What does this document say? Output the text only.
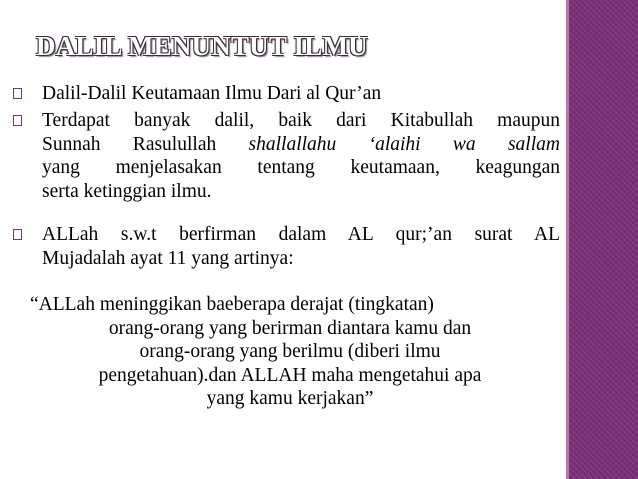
DALIL MENUNTUT ILMU
Dalil-Dalil Keutamaan Ilmu Dari al Qur’an
Terdapat banyak dalil, baik dari Kitabullah maupun
Sunnah Rasulullah shallallahu ‘alaihi wa sallam
yang menjelasakan tentang keutamaan, keagungan
serta ketinggian ilmu.
ALLah s.w.t berfirman dalam AL qur;’an surat AL
Mujadalah ayat 11 yang artinya:

“ALLah meninggikan baeberapa derajat (tingkatan)
orang-orang yang berirman diantara kamu dan
orang-orang yang berilmu (diberi ilmu
pengetahuan).dan ALLAH maha mengetahui apa
yang kamu kerjakan”
